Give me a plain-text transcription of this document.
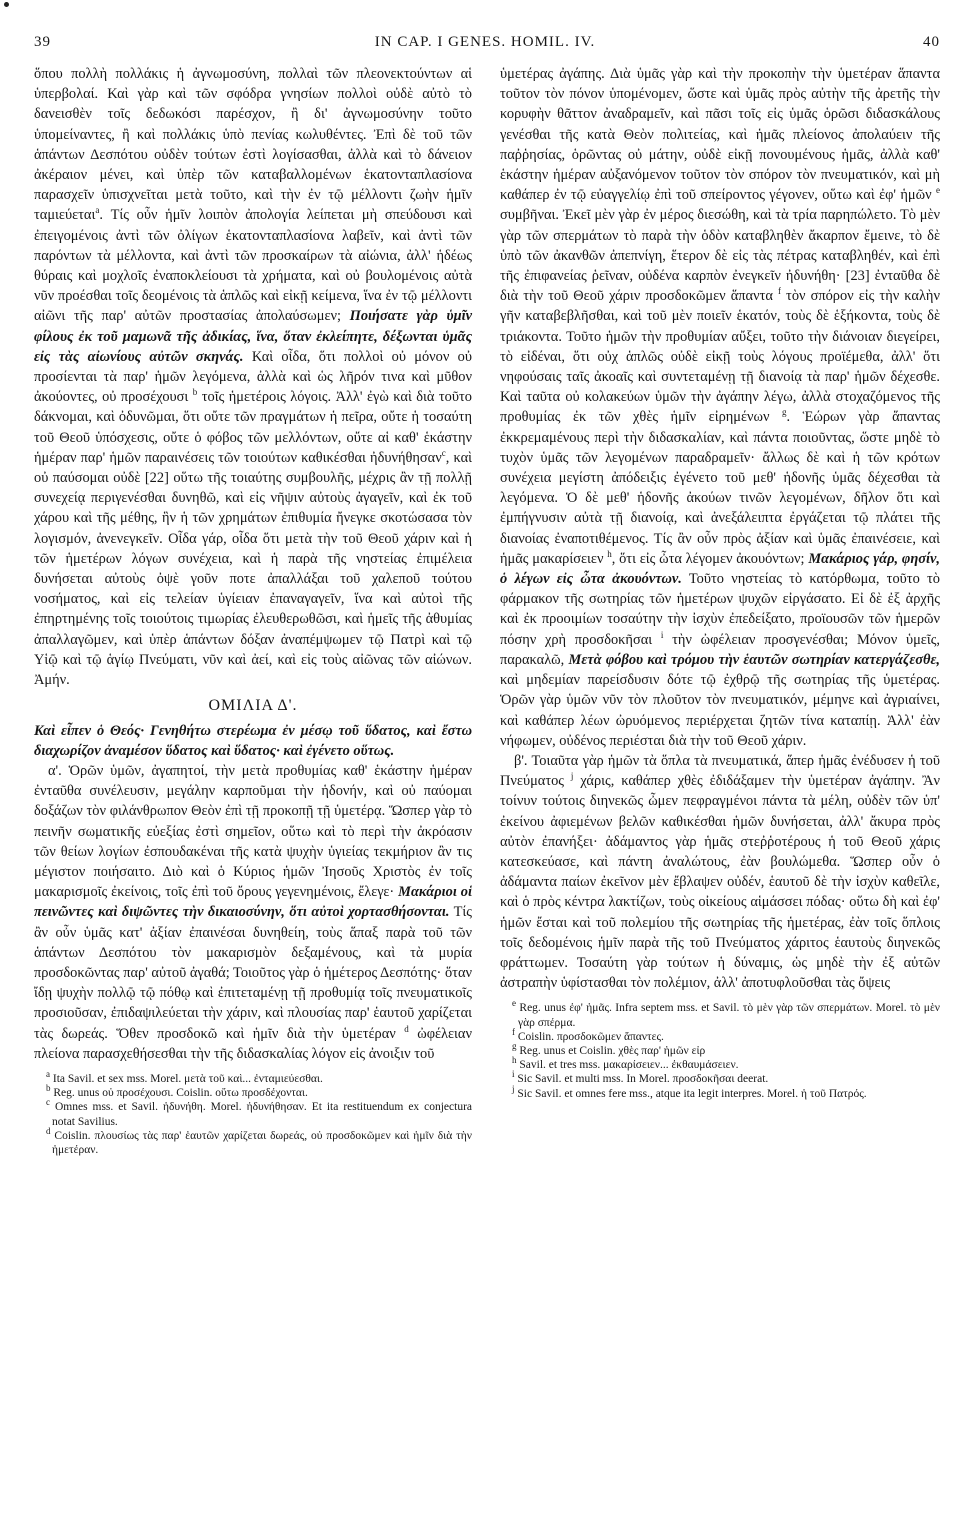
39	IN CAP. I GENES. HOMIL. IV.	40

ὅπου πολλὴ πολλάκις ἡ ἀγνωμοσύνη, πολλαὶ τῶν πλεονεκτούντων αἱ ὑπερβολαί. Καὶ γὰρ καὶ τῶν σφόδρα γνησίων πολλοὶ οὐδὲ αὐτὸ τὸ δανεισθὲν τοῖς δεδωκόσι παρέσχον, ἢ δι' ἀγνωμοσύνην τοῦτο ὑπομείναντες, ἢ καὶ πολλάκις ὑπὸ πενίας κωλυθέντες. Ἐπὶ δὲ τοῦ τῶν ἁπάντων Δεσπότου οὐδὲν τούτων ἐστὶ λογίσασθαι, ἀλλὰ καὶ τὸ δάνειον ἀκέραιον μένει, καὶ ὑπὲρ τῶν καταβαλλομένων ἑκατονταπλασίονα παρασχεῖν ὑπισχνεῖται μετὰ τοῦτο, καὶ τὴν ἐν τῷ μέλλοντι ζωὴν ἡμῖν ταμιεύεται$^a$. Τίς οὖν ἡμῖν λοιπὸν ἀπολογία λείπεται μὴ σπεύδουσι καὶ ἐπειγομένοις ἀντὶ τῶν ὀλίγων ἑκατονταπλασίονα λαβεῖν, καὶ ἀντὶ τῶν παρόντων τὰ μέλλοντα, καὶ ἀντὶ τῶν προσκαίρων τὰ αἰώνια, ἀλλ' ἡδέως θύραις καὶ μοχλοῖς ἐναποκλείουσι τὰ χρήματα, καὶ οὐ βουλομένοις αὐτὰ νῦν προέσθαι τοῖς δεομένοις τὰ ἁπλῶς καὶ εἰκῇ κείμενα, ἵνα ἐν τῷ μέλλοντι αἰῶνι τῆς παρ' αὐτῶν προστασίας ἀπολαύσωμεν; Ποιήσατε γὰρ ὑμῖν φίλους ἐκ τοῦ μαμωνᾶ τῆς ἀδικίας, ἵνα, ὅταν ἐκλείπητε, δέξωνται ὑμᾶς εἰς τὰς αἰωνίους αὐτῶν σκηνάς. Καὶ οἶδα, ὅτι πολλοὶ οὐ μόνον οὐ προσίενται τὰ παρ' ἡμῶν λεγόμενα, ἀλλὰ καὶ ὡς λῆρόν τινα καὶ μῦθον ἀκούοντες, οὐ προσέχουσι $^b$ τοῖς ἡμετέροις λόγοις. Ἀλλ' ἐγὼ καὶ διὰ τοῦτο δάκνομαι, καὶ ὀδυνῶμαι, ὅτι οὔτε τῶν πραγμάτων ἡ πεῖρα, οὔτε ἡ τοσαύτη τοῦ Θεοῦ ὑπόσχεσις, οὔτε ὁ φόβος τῶν μελλόντων, οὔτε αἱ καθ' ἑκάστην ἡμέραν παρ' ἡμῶν παραινέσεις τῶν τοιούτων καθικέσθαι ἠδυνήθησαν$^c$, καὶ οὐ παύσομαι οὐδὲ [22] οὕτω τῆς τοιαύτης συμβουλῆς, μέχρις ἂν τῇ πολλῇ συνεχείᾳ περιγενέσθαι δυνηθῶ, καὶ εἰς νῆψιν αὐτοὺς ἀγαγεῖν, καὶ ἐκ τοῦ χάρου καὶ τῆς μέθης, ἣν ἡ τῶν χρημάτων ἐπιθυμία ἤνεγκε σκοτώσασα τὸν λογισμόν, ἀνενεγκεῖν. Οἶδα γάρ, οἶδα ὅτι μετὰ τὴν τοῦ Θεοῦ χάριν καὶ ἡ τῶν ἡμετέρων λόγων συνέχεια, καὶ ἡ παρὰ τῆς νηστείας ἐπιμέλεια δυνήσεται αὐτοὺς ὀψὲ γοῦν ποτε ἀπαλλάξαι τοῦ χαλεποῦ τούτου νοσήματος, καὶ εἰς τελείαν ὑγίειαν ἐπαναγαγεῖν, ἵνα καὶ αὐτοὶ τῆς ἐπηρτημένης τοῖς τοιούτοις τιμωρίας ἐλευθερωθῶσι, καὶ ἡμεῖς τῆς ἀθυμίας ἀπαλλαγῶμεν, καὶ ὑπὲρ ἁπάντων δόξαν ἀναπέμψωμεν τῷ Πατρὶ καὶ τῷ Υἱῷ καὶ τῷ ἁγίῳ Πνεύματι, νῦν καὶ ἀεί, καὶ εἰς τοὺς αἰῶνας τῶν αἰώνων. Ἀμήν.

ΟΜΙΛΙΑ Δ'.

Καὶ εἶπεν ὁ Θεός· Γενηθήτω στερέωμα ἐν μέσῳ τοῦ ὕδατος, καὶ ἔστω διαχωρίζον ἀναμέσον ὕδατος καὶ ὕδατος· καὶ ἐγένετο οὕτως.

α'. Ὁρῶν ὑμῶν, ἀγαπητοί, τὴν μετὰ προθυμίας καθ' ἑκάστην ἡμέραν ἐνταῦθα συνέλευσιν, μεγάλην καρποῦμαι τὴν ἡδονήν, καὶ οὐ παύομαι δοξάζων τὸν φιλάνθρωπον Θεὸν ἐπὶ τῇ προκοπῇ τῇ ὑμετέρᾳ. Ὥσπερ γὰρ τὸ πεινῆν σωματικῆς εὐεξίας ἐστὶ σημεῖον, οὕτω καὶ τὸ περὶ τὴν ἀκρόασιν τῶν θείων λογίων ἐσπουδακέναι τῆς κατὰ ψυχὴν ὑγιείας τεκμήριον ἂν τις μέγιστον ποιήσαιτο. Διὸ καὶ ὁ Κύριος ἡμῶν Ἰησοῦς Χριστὸς ἐν τοῖς μακαρισμοῖς ἐκείνοις, τοῖς ἐπὶ τοῦ ὄρους γεγενημένοις, ἔλεγε· Μακάριοι οἱ πεινῶντες καὶ διψῶντες τὴν δικαιοσύνην, ὅτι αὐτοὶ χορτασθήσονται. Τίς ἂν οὖν ὑμᾶς κατ' ἀξίαν ἐπαινέσαι δυνηθείη, τοὺς ἅπαξ παρὰ τοῦ τῶν ἁπάντων Δεσπότου τὸν μακαρισμὸν δεξαμένους, καὶ τὰ μυρία προσδοκῶντας παρ' αὐτοῦ ἀγαθά; Τοιοῦτος γὰρ ὁ ἡμέτερος Δεσπότης· ὅταν ἴδῃ ψυχὴν πολλῷ τῷ πόθῳ καὶ ἐπιτεταμένῃ τῇ προθυμίᾳ τοῖς πνευματικοῖς προσιοῦσαν, ἐπιδαψιλεύεται τὴν χάριν, καὶ πλουσίας παρ' ἑαυτοῦ χαρίζεται τὰς δωρεάς. Ὅθεν προσδοκῶ καὶ ἡμῖν διὰ τὴν ὑμετέραν $^d$ ὠφέλειαν πλείονα παρασχεθήσεσθαι τὴν τῆς διδασκαλίας λόγον εἰς ἀνοιξιν τοῦ

$^a$ Ita Savil. et sex mss. Morel. μετὰ τοῦ καὶ... ἐνταμιεύεσθαι.
$^b$ Reg. unus οὐ προσέχουσι. Coislin. οὕτω προσδέχονται.
$^c$ Omnes mss. et Savil. ἠδυνήθη. Morel. ἠδυνήθησαν. Et ita restituendum ex conjectura notat Savilius.
$^d$ Coislin. πλουσίως τὰς παρ' ἑαυτῶν χαρίζεται δωρεάς, οὐ προσδοκῶμεν καὶ ἡμῖν διὰ τὴν ἡμετέραν.

ὑμετέρας ἀγάπης. Διὰ ὑμᾶς γὰρ καὶ τὴν προκοπὴν τὴν ὑμετέραν ἅπαντα τοῦτον τὸν πόνον ὑπομένομεν, ὥστε καὶ ὑμᾶς πρὸς αὐτὴν τῆς ἀρετῆς τὴν κορυφὴν θᾶττον ἀναδραμεῖν, καὶ πᾶσι τοῖς εἰς ὑμᾶς ὁρῶσι διδασκάλους γενέσθαι τῆς κατὰ Θεὸν πολιτείας, καὶ ἡμᾶς πλείονος ἀπολαύειν τῆς παῤῥησίας, ὁρῶντας οὐ μάτην, οὐδὲ εἰκῇ πονουμένους ἡμᾶς, ἀλλὰ καθ' ἑκάστην ἡμέραν αὐξανόμενον τοῦτον τὸν σπόρον τὸν πνευματικόν, καὶ μὴ καθάπερ ἐν τῷ εὐαγγελίῳ ἐπὶ τοῦ σπείροντος γέγονεν, οὕτω καὶ ἐφ' ἡμῶν $^e$ συμβῆναι. Ἐκεῖ μὲν γὰρ ἐν μέρος διεσώθη, καὶ τὰ τρία παρηπώλετο. Τὸ μὲν γὰρ τῶν σπερμάτων τὸ παρὰ τὴν ὁδὸν καταβληθὲν ἄκαρπον ἔμεινε, τὸ δὲ ὑπὸ τῶν ἀκανθῶν ἀπεπνίγη, ἕτερον δὲ εἰς τὰς πέτρας καταβληθέν, καὶ ἐπὶ τῆς ἐπιφανείας ῥεῖναν, οὐδένα καρπὸν ἐνεγκεῖν ἠδυνήθη· [23] ἐνταῦθα δὲ διὰ τὴν τοῦ Θεοῦ χάριν προσδοκῶμεν ἅπαντα $^f$ τὸν σπόρον εἰς τὴν καλὴν γῆν καταβεβλῆσθαι, καὶ τοῦ μὲν ποιεῖν ἑκατόν, τοὺς δὲ ἑξήκοντα, τοὺς δὲ τριάκοντα. Τοῦτο ἡμῶν τὴν προθυμίαν αὔξει, τοῦτο τὴν διάνοιαν διεγείρει, τὸ εἰδέναι, ὅτι οὐχ ἁπλῶς οὐδὲ εἰκῇ τοὺς λόγους προϊέμεθα, ἀλλ' ὅτι νηφούσαις ταῖς ἀκοαῖς καὶ συντεταμένῃ τῇ διανοίᾳ τὰ παρ' ἡμῶν δέχεσθε. Καὶ ταῦτα οὐ κολακεύων ὑμῶν τὴν ἀγάπην λέγω, ἀλλὰ στοχαζόμενος τῆς προθυμίας ἐκ τῶν χθὲς ἡμῖν εἰρημένων $^g$. Ἑώρων γὰρ ἅπαντας ἐκκρεμαμένους περὶ τὴν διδασκαλίαν, καὶ πάντα ποιοῦντας, ὥστε μηδὲ τὸ τυχὸν ὑμᾶς τῶν λεγομένων παραδραμεῖν· ἄλλως δὲ καὶ ἡ τῶν κρότων συνέχεια μεγίστη ἀπόδειξις ἐγένετο τοῦ μεθ' ἡδονῆς ὑμᾶς δέχεσθαι τὰ λεγόμενα. Ὁ δὲ μεθ' ἡδονῆς ἀκούων τινῶν λεγομένων, δῆλον ὅτι καὶ ἐμπήγνυσιν αὐτὰ τῇ διανοίᾳ, καὶ ἀνεξάλειπτα ἐργάζεται τῷ πλάτει τῆς διανοίας ἐναποτιθέμενος. Τίς ἂν οὖν πρὸς ἀξίαν καὶ ὑμᾶς ἐπαινέσειε, καὶ ἡμᾶς μακαρίσειεν $^h$, ὅτι εἰς ὦτα λέγομεν ἀκουόντων; Μακάριος γάρ, φησίν, ὁ λέγων εἰς ὦτα ἀκουόντων. Τοῦτο νηστείας τὸ κατόρθωμα, τοῦτο τὸ φάρμακον τῆς σωτηρίας τῶν ἡμετέρων ψυχῶν εἰργάσατο. Εἰ δὲ ἐξ ἀρχῆς καὶ ἐκ προοιμίων τοσαύτην τὴν ἰσχὺν ἐπεδείξατο, προϊουσῶν τῶν ἡμερῶν πόσην χρὴ προσδοκῆσαι $^i$ τὴν ὠφέλειαν προσγενέσθαι; Μόνον ὑμεῖς, παρακαλῶ, Μετὰ φόβου καὶ τρόμου τὴν ἑαυτῶν σωτηρίαν κατεργάζεσθε, καὶ μηδεμίαν παρείσδυσιν δότε τῷ ἐχθρῷ τῆς σωτηρίας τῆς ὑμετέρας. Ὁρῶν γὰρ ὑμῶν νῦν τὸν πλοῦτον τὸν πνευματικόν, μέμηνε καὶ ἀγριαίνει, καὶ καθάπερ λέων ὠρυόμενος περιέρχεται ζητῶν τίνα καταπίῃ. Ἀλλ' ἐὰν νήφωμεν, οὐδένος περιέσται διὰ τὴν τοῦ Θεοῦ χάριν.

β'. Τοιαῦτα γὰρ ἡμῶν τὰ ὅπλα τὰ πνευματικά, ἅπερ ἡμᾶς ἐνέδυσεν ἡ τοῦ Πνεύματος $^j$ χάρις, καθάπερ χθὲς ἐδιδάξαμεν τὴν ὑμετέραν ἀγάπην. Ἂν τοίνυν τούτοις διηνεκῶς ὦμεν πεφραγμένοι πάντα τὰ μέλη, οὐδὲν τῶν ὑπ' ἐκείνου ἀφιεμένων βελῶν καθικέσθαι ἡμῶν δυνήσεται, ἀλλ' ἄκυρα πρὸς αὐτὸν ἐπανήξει· ἀδάμαντος γὰρ ἡμᾶς στεῤῥοτέρους ἡ τοῦ Θεοῦ χάρις κατεσκεύασε, καὶ πάντη ἀναλώτους, ἐὰν βουλώμεθα. Ὥσπερ οὖν ὁ ἀδάμαντα παίων ἐκεῖνον μὲν ἔβλαψεν οὐδέν, ἑαυτοῦ δὲ τὴν ἰσχὺν καθεῖλε, καὶ ὁ πρὸς κέντρα λακτίζων, τοὺς οἰκείους αἱμάσσει πόδας· οὕτω δὴ καὶ ἐφ' ἡμῶν ἔσται καὶ τοῦ πολεμίου τῆς σωτηρίας τῆς ἡμετέρας, ἐὰν τοῖς ὅπλοις τοῖς δεδομένοις ἡμῖν παρὰ τῆς τοῦ Πνεύματος χάριτος ἑαυτοὺς διηνεκῶς φράττωμεν. Τοσαύτη γὰρ τούτων ἡ δύναμις, ὡς μηδὲ τὴν ἐξ αὐτῶν ἀστραπὴν ὑφίστασθαι τὸν πολέμιον, ἀλλ' ἀποτυφλοῦσθαι τὰς ὄψεις

$^e$ Reg. unus ἐφ' ἡμᾶς. Infra septem mss. et Savil. τὸ μὲν γὰρ τῶν σπερμάτων. Morel. τὸ μὲν γὰρ σπέρμα.
$^f$ Coislin. προσδοκῶμεν ἅπαντες.
$^g$ Reg. unus et Coislin. χθὲς παρ' ἡμῶν εἰρ
$^h$ Savil. et tres mss. μακαρίσειεν... ἐκθαυμάσειεν.
$^i$ Sic Savil. et multi mss. In Morel. προσδοκῆσαι deerat.
$^j$ Sic Savil. et omnes fere mss., atque ita legit interpres. Morel. ἡ τοῦ Πατρός.
